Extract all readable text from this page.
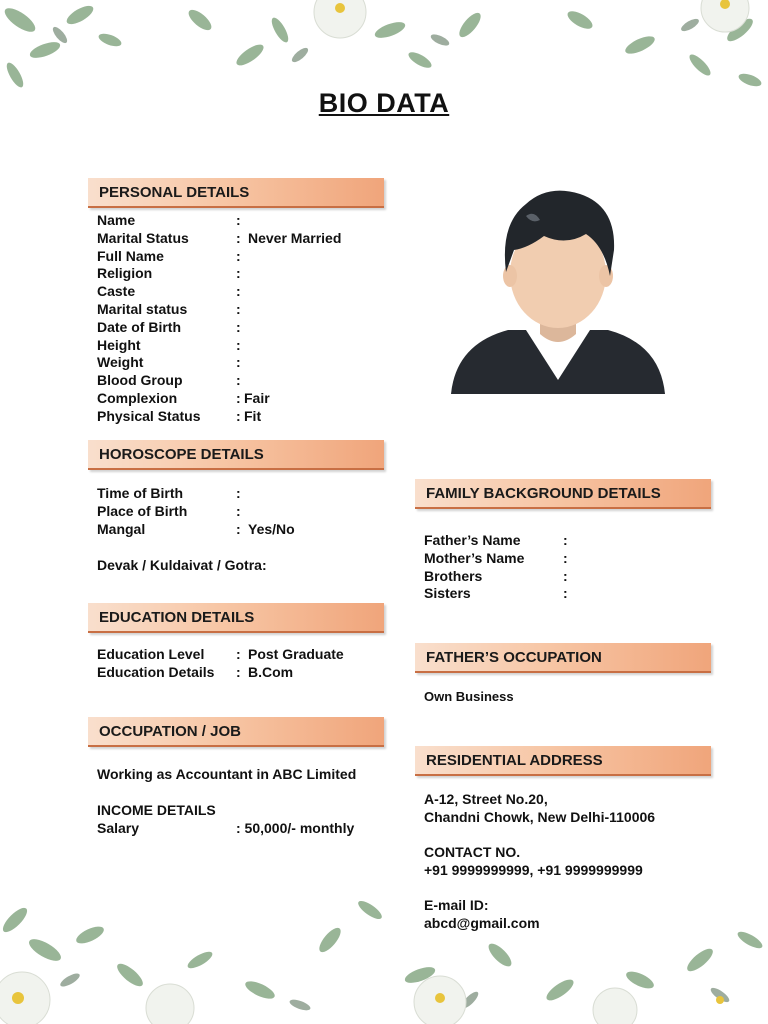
BIO DATA
PERSONAL DETAILS
Name	:
Marital Status	: Never Married
Full Name	:
Religion	:
Caste	:
Marital status	:
Date of Birth	:
Height	:
Weight	:
Blood Group	:
Complexion	: Fair
Physical Status	: Fit
HOROSCOPE DETAILS
Time of Birth	:
Place of Birth	:
Mangal	: Yes/No
Devak / Kuldaivat / Gotra:
EDUCATION DETAILS
Education Level : Post Graduate
Education Details : B.Com
OCCUPATION / JOB
Working as Accountant in ABC Limited
INCOME DETAILS
Salary	: 50,000/- monthly
FAMILY BACKGROUND DETAILS
Father’s Name	:
Mother’s Name	:
Brothers	:
Sisters	:
FATHER’S OCCUPATION
Own Business
RESIDENTIAL ADDRESS
A-12, Street No.20,
Chandni Chowk, New Delhi-110006
CONTACT NO.
+91 9999999999, +91 9999999999
E-mail ID:
abcd@gmail.com
